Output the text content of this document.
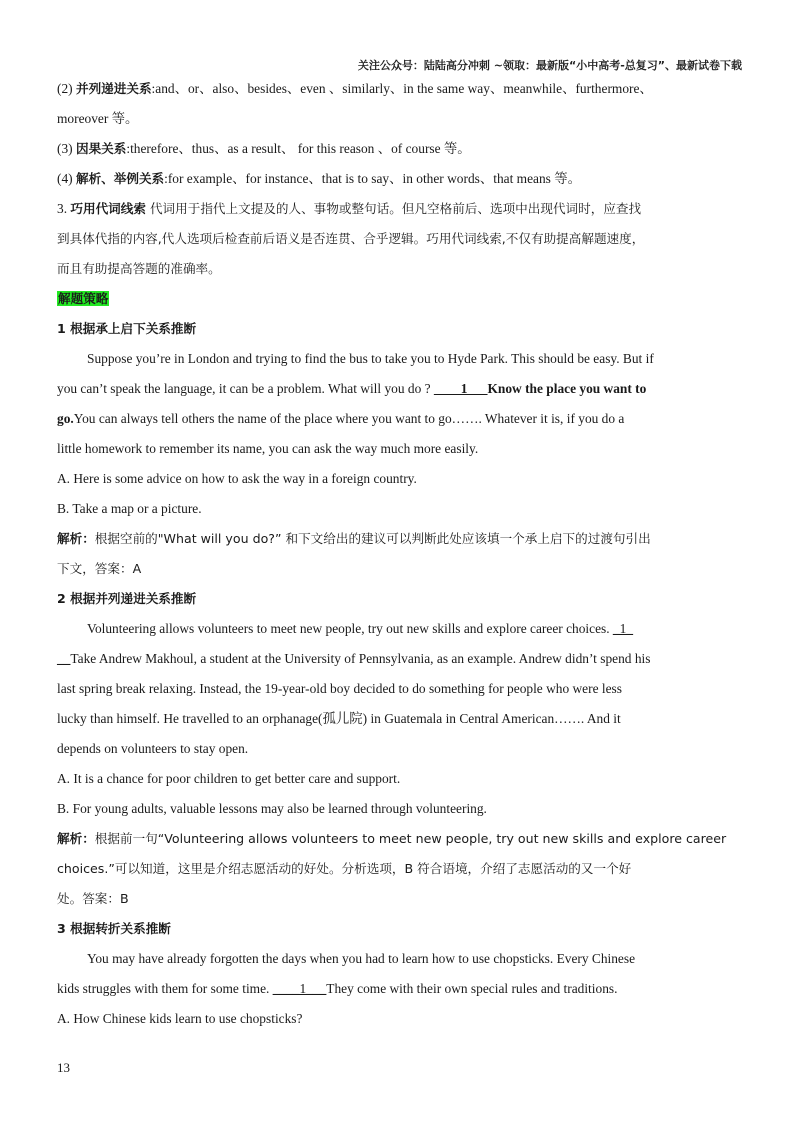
关注公众号：陆陆高分冲刺 ~领取：最新版“小中高考-总复习”、最新试卷下载
(2) 并列递进关系:and、or、also、besides、even 、similarly、in the same way、meanwhile、furthermore、
moreover 等。
(3) 因果关系:therefore、thus、as a result、 for this reason 、of course 等。
(4) 解析、举例关系:for example、for instance、that is to say、in other words、that means 等。
3. 巧用代词线索 代词用于指代上文提及的人、事物或整句话。但凡空格前后、选项中出现代词时，应查找
到具体代指的内容,代人选项后检查前后语义是否连贯、合乎逻辑。巧用代词线索,不仅有助提高解题速度，
而且有助提高答题的准确率。
解题策略
1 根据承上启下关系推断
Suppose you’re in London and trying to find the bus to take you to Hyde Park. This should be easy. But if
you can’t speak the language, it can be a problem. What will you do ? ____1___Know the place you want to
go.You can always tell others the name of the place where you want to go……. Whatever it is, if you do a
little homework to remember its name, you can ask the way much more easily.
A. Here is some advice on how to ask the way in a foreign country.
B. Take a map or a picture.
解析：根据空前的"What will you do?” 和下文给出的建议可以判断此处应该填一个承上启下的过渡句引出
下文，答案：A
2 根据并列递进关系推断
Volunteering allows volunteers to meet new people, try out new skills and explore career choices. _1_
__Take Andrew Makhoul, a student at the University of Pennsylvania, as an example. Andrew didn’t spend his
last spring break relaxing. Instead, the 19-year-old boy decided to do something for people who were less
lucky than himself. He travelled to an orphanage(孤儿院) in Guatemala in Central American……. And it
depends on volunteers to stay open.
A. It is a chance for poor children to get better care and support.
B. For young adults, valuable lessons may also be learned through volunteering.
解析：根据前一句“Volunteering allows volunteers to meet new people, try out new skills and explore career
choices.”可以知道，这里是介绍志愿活动的好处。分析选项，B 符合语境，介绍了志愿活动的又一个好
处。答案：B
3 根据转折关系推断
You may have already forgotten the days when you had to learn how to use chopsticks. Every Chinese
kids struggles with them for some time. ____1___They come with their own special rules and traditions.
A. How Chinese kids learn to use chopsticks?
13
